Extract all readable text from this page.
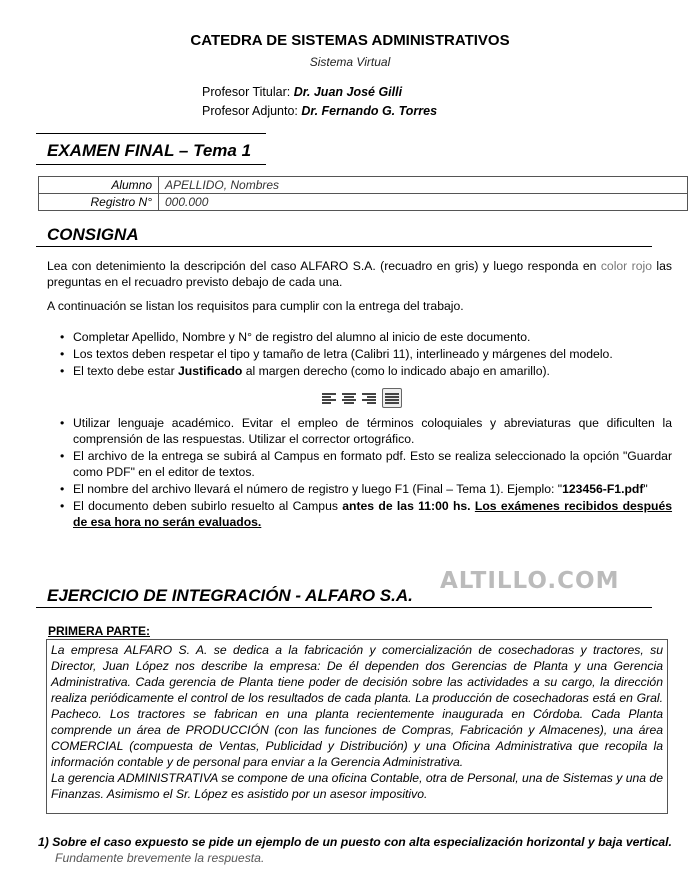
CATEDRA DE SISTEMAS ADMINISTRATIVOS
Sistema Virtual
Profesor Titular: Dr. Juan José Gilli
Profesor Adjunto: Dr. Fernando G. Torres
EXAMEN FINAL – Tema 1
Alumno	APELLIDO, Nombres
Registro N°	000.000
CONSIGNA
Lea con detenimiento la descripción del caso ALFARO S.A. (recuadro en gris) y luego responda en color rojo las preguntas en el recuadro previsto debajo de cada una.
A continuación se listan los requisitos para cumplir con la entrega del trabajo.
• Completar Apellido, Nombre y N° de registro del alumno al inicio de este documento.
• Los textos deben respetar el tipo y tamaño de letra (Calibri 11), interlineado y márgenes del modelo.
• El texto debe estar Justificado al margen derecho (como lo indicado abajo en amarillo).
• Utilizar lenguaje académico. Evitar el empleo de términos coloquiales y abreviaturas que dificulten la comprensión de las respuestas. Utilizar el corrector ortográfico.
• El archivo de la entrega se subirá al Campus en formato pdf. Esto se realiza seleccionado la opción "Guardar como PDF" en el editor de textos.
• El nombre del archivo llevará el número de registro y luego F1 (Final – Tema 1). Ejemplo: "123456-F1.pdf"
• El documento deben subirlo resuelto al Campus antes de las 11:00 hs. Los exámenes recibidos después de esa hora no serán evaluados.
EJERCICIO DE INTEGRACIÓN - ALFARO S.A.
ALTILLO.COM
PRIMERA PARTE:
La empresa ALFARO S. A. se dedica a la fabricación y comercialización de cosechadoras y tractores, su Director, Juan López nos describe la empresa: De él dependen dos Gerencias de Planta y una Gerencia Administrativa. Cada gerencia de Planta tiene poder de decisión sobre las actividades a su cargo, la dirección realiza periódicamente el control de los resultados de cada planta. La producción de cosechadoras está en Gral. Pacheco. Los tractores se fabrican en una planta recientemente inaugurada en Córdoba. Cada Planta comprende un área de PRODUCCIÓN (con las funciones de Compras, Fabricación y Almacenes), una área COMERCIAL (compuesta de Ventas, Publicidad y Distribución) y una Oficina Administrativa que recopila la información contable y de personal para enviar a la Gerencia Administrativa.
La gerencia ADMINISTRATIVA se compone de una oficina Contable, otra de Personal, una de Sistemas y una de Finanzas. Asimismo el Sr. López es asistido por un asesor impositivo.
1) Sobre el caso expuesto se pide un ejemplo de un puesto con alta especialización horizontal y baja vertical.
Fundamente brevemente la respuesta.
